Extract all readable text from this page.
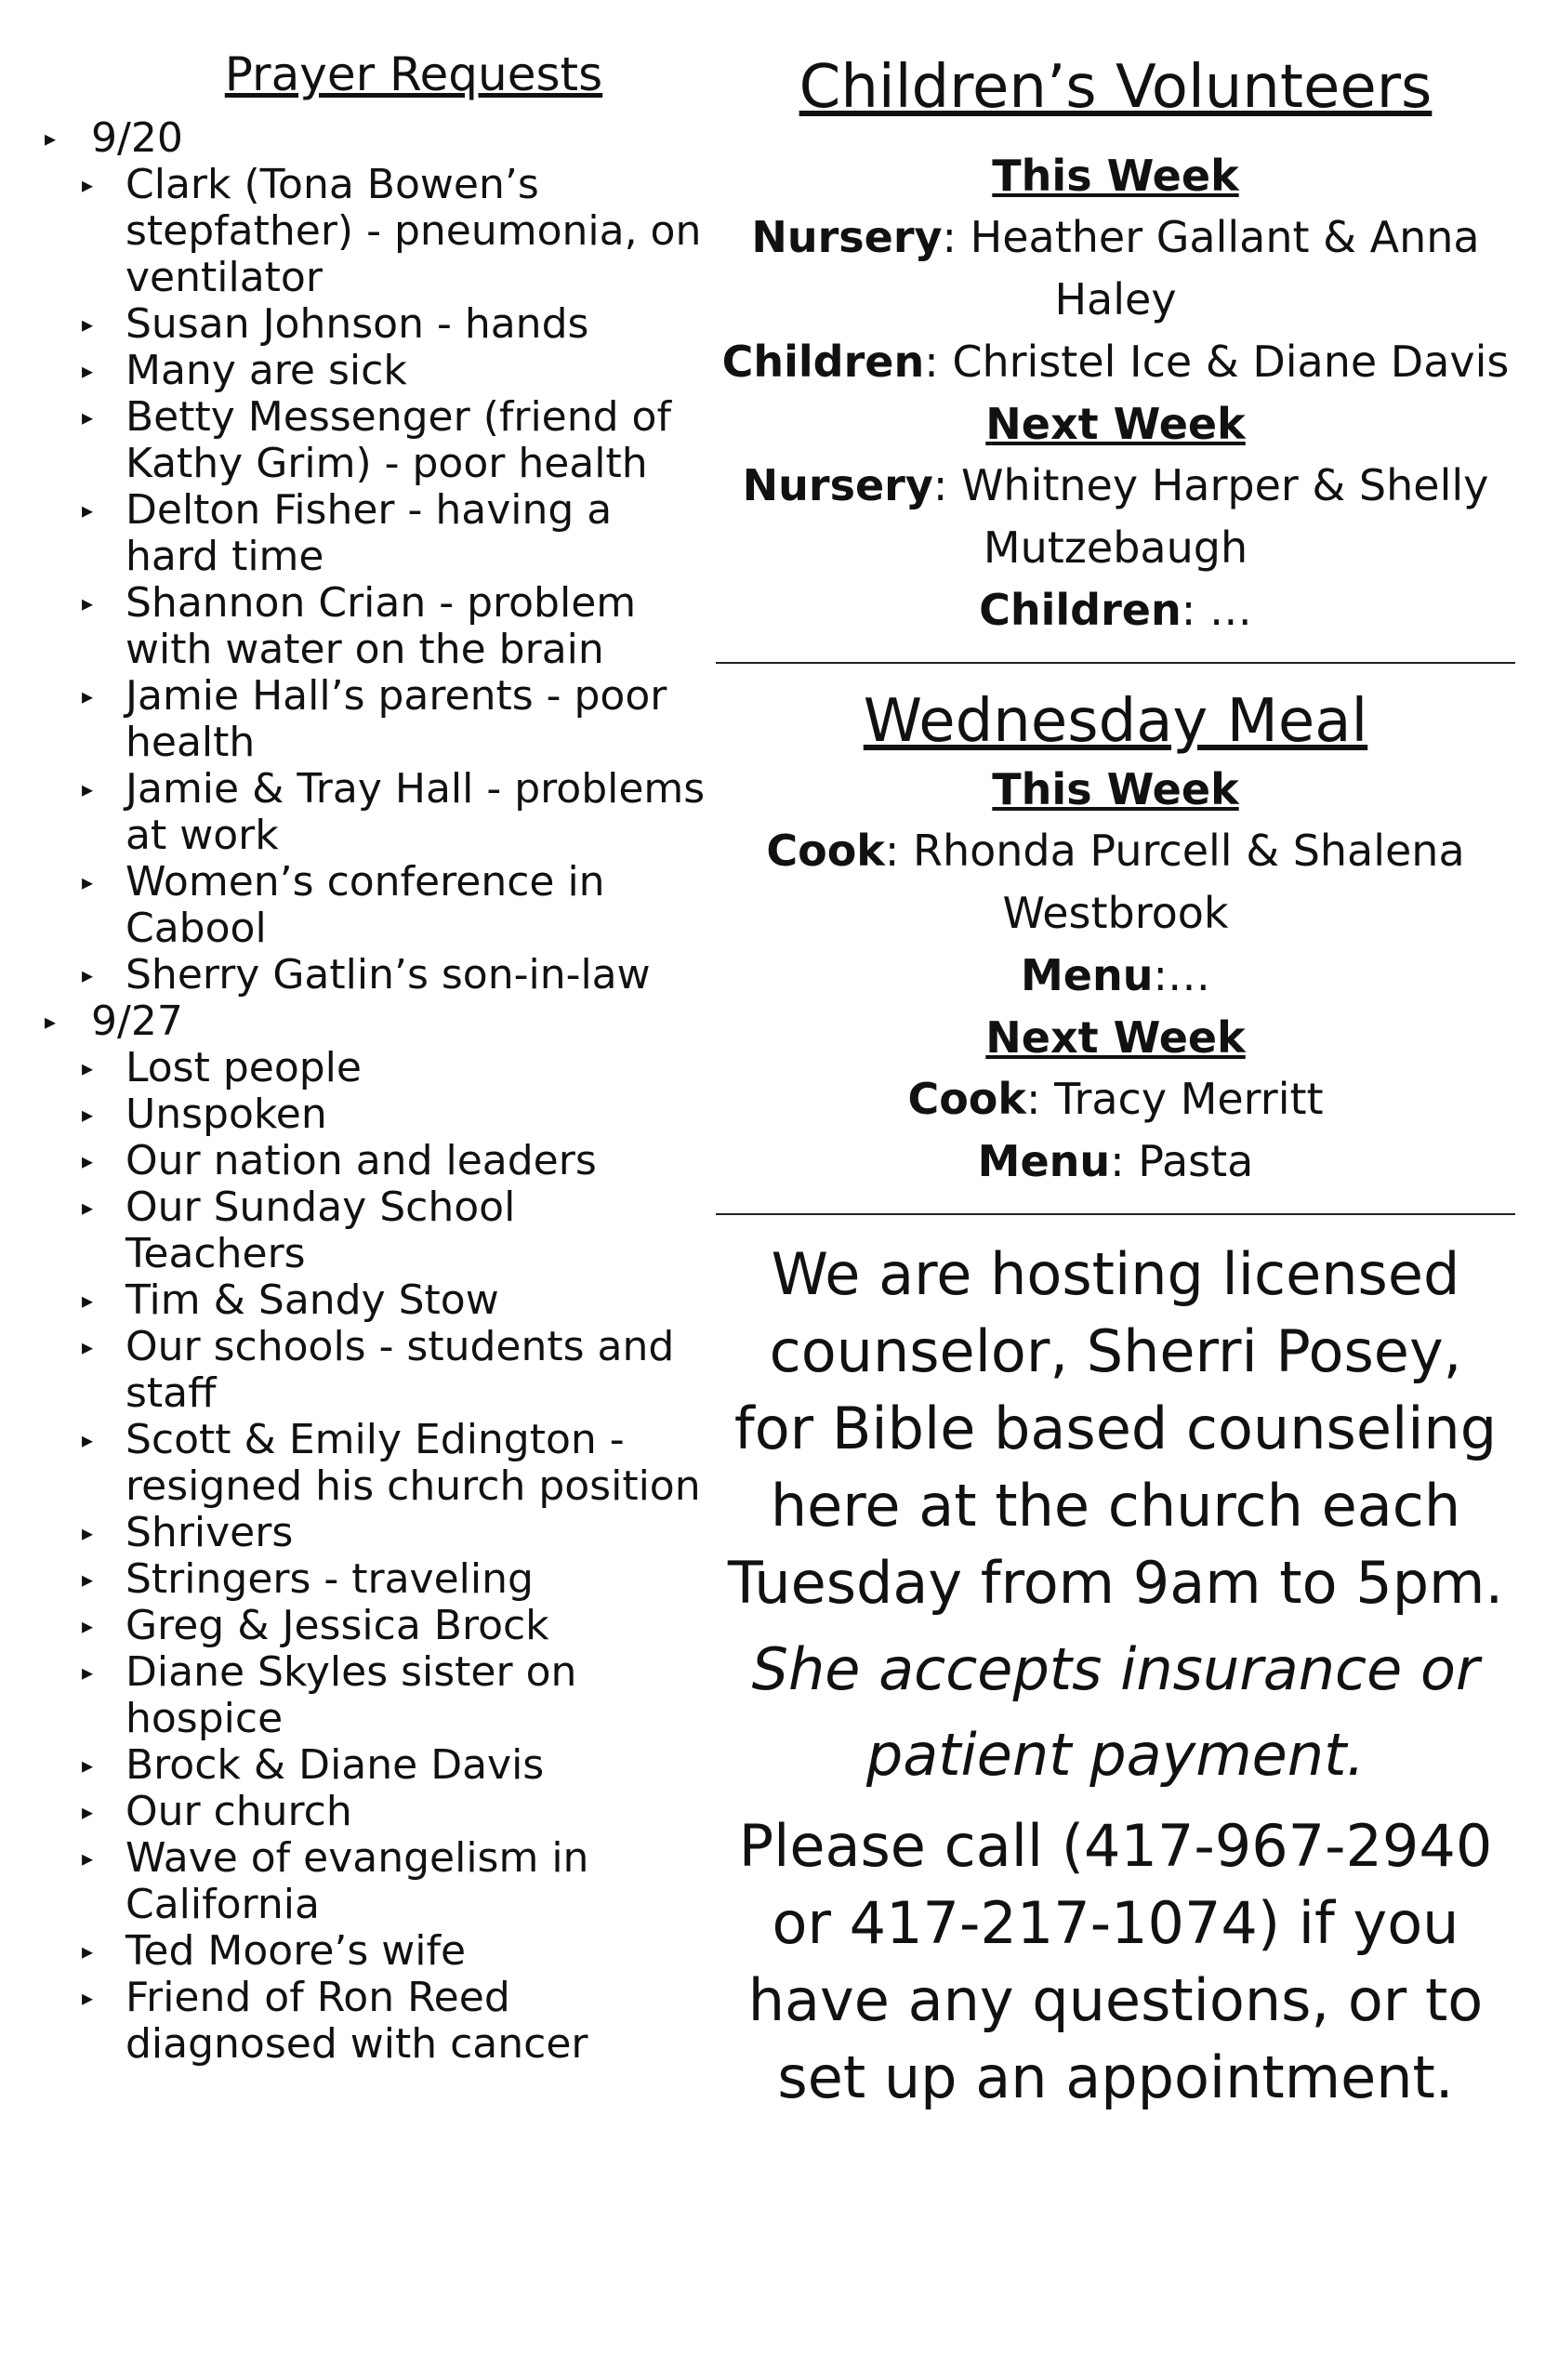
Prayer Requests
▸ 9/20
▸ Clark (Tona Bowen’s stepfather) - pneumonia, on ventilator
▸ Susan Johnson - hands
▸ Many are sick
▸ Betty Messenger (friend of Kathy Grim) - poor health
▸ Delton Fisher - having a hard time
▸ Shannon Crian - problem with water on the brain
▸ Jamie Hall’s parents - poor health
▸ Jamie & Tray Hall - problems at work
▸ Women’s conference in Cabool
▸ Sherry Gatlin’s son-in-law
▸ 9/27
▸ Lost people
▸ Unspoken
▸ Our nation and leaders
▸ Our Sunday School Teachers
▸ Tim & Sandy Stow
▸ Our schools - students and staff
▸ Scott & Emily Edington - resigned his church position
▸ Shrivers
▸ Stringers - traveling
▸ Greg & Jessica Brock
▸ Diane Skyles sister on hospice
▸ Brock & Diane Davis
▸ Our church
▸ Wave of evangelism in California
▸ Ted Moore’s wife
▸ Friend of Ron Reed diagnosed with cancer
Children’s Volunteers
This Week
Nursery: Heather Gallant & Anna Haley
Children: Christel Ice & Diane Davis
Next Week
Nursery: Whitney Harper & Shelly Mutzebaugh
Children: …
Wednesday Meal
This Week
Cook: Rhonda Purcell & Shalena Westbrook
Menu:…
Next Week
Cook: Tracy Merritt
Menu: Pasta
We are hosting licensed counselor, Sherri Posey, for Bible based counseling here at the church each Tuesday from 9am to 5pm.
She accepts insurance or patient payment.
Please call (417-967-2940 or 417-217-1074) if you have any questions, or to set up an appointment.
